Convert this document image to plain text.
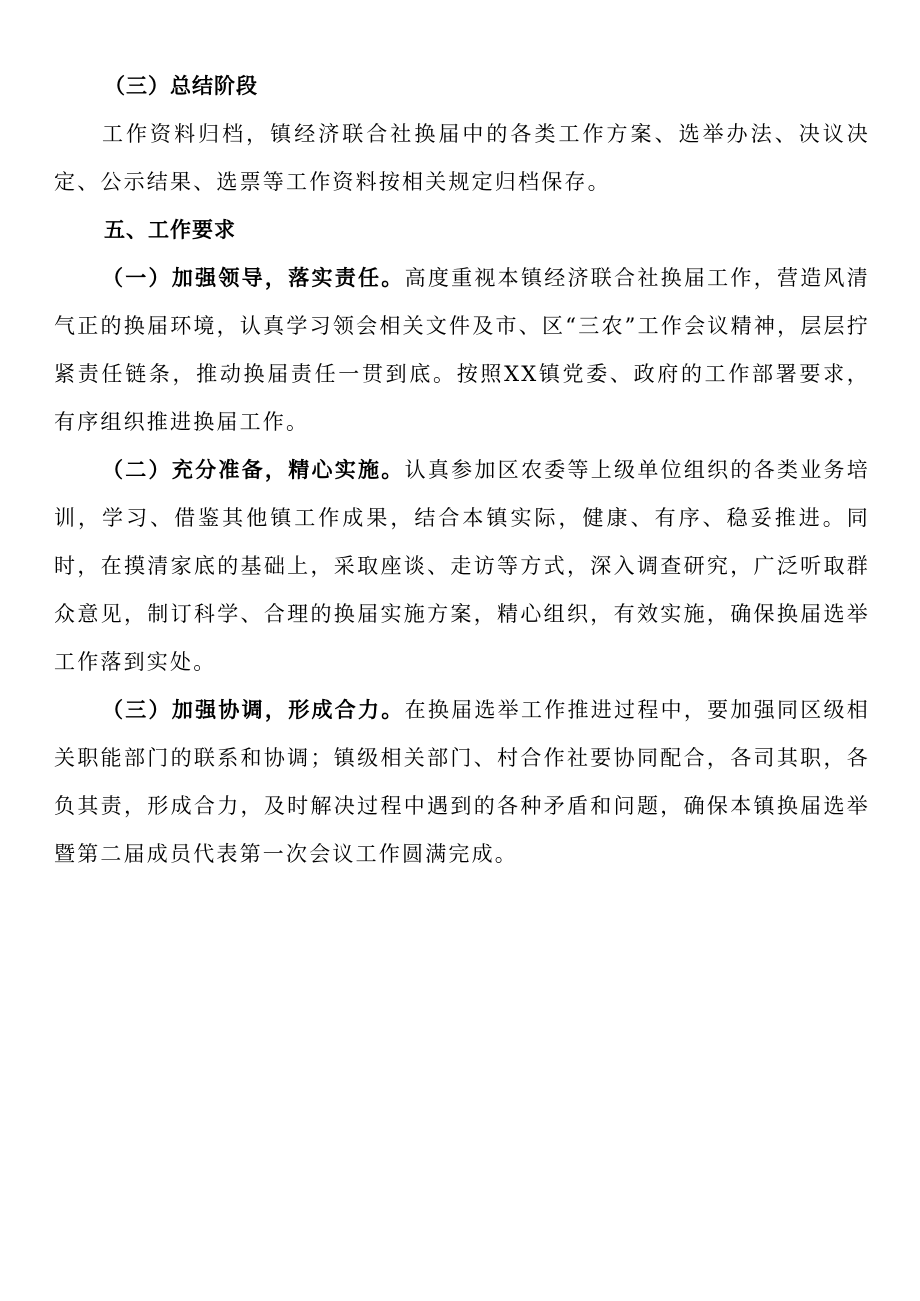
（三）总结阶段

工作资料归档，镇经济联合社换届中的各类工作方案、选举办法、决议决定、公示结果、选票等工作资料按相关规定归档保存。

五、工作要求

（一）加强领导，落实责任。高度重视本镇经济联合社换届工作，营造风清气正的换届环境，认真学习领会相关文件及市、区“三农”工作会议精神，层层拧紧责任链条，推动换届责任一贯到底。按照XX镇党委、政府的工作部署要求，有序组织推进换届工作。

（二）充分准备，精心实施。认真参加区农委等上级单位组织的各类业务培训，学习、借鉴其他镇工作成果，结合本镇实际，健康、有序、稳妥推进。同时，在摸清家底的基础上，采取座谈、走访等方式，深入调查研究，广泛听取群众意见，制订科学、合理的换届实施方案，精心组织，有效实施，确保换届选举工作落到实处。

（三）加强协调，形成合力。在换届选举工作推进过程中，要加强同区级相关职能部门的联系和协调；镇级相关部门、村合作社要协同配合，各司其职，各负其责，形成合力，及时解决过程中遇到的各种矛盾和问题，确保本镇换届选举暨第二届成员代表第一次会议工作圆满完成。
